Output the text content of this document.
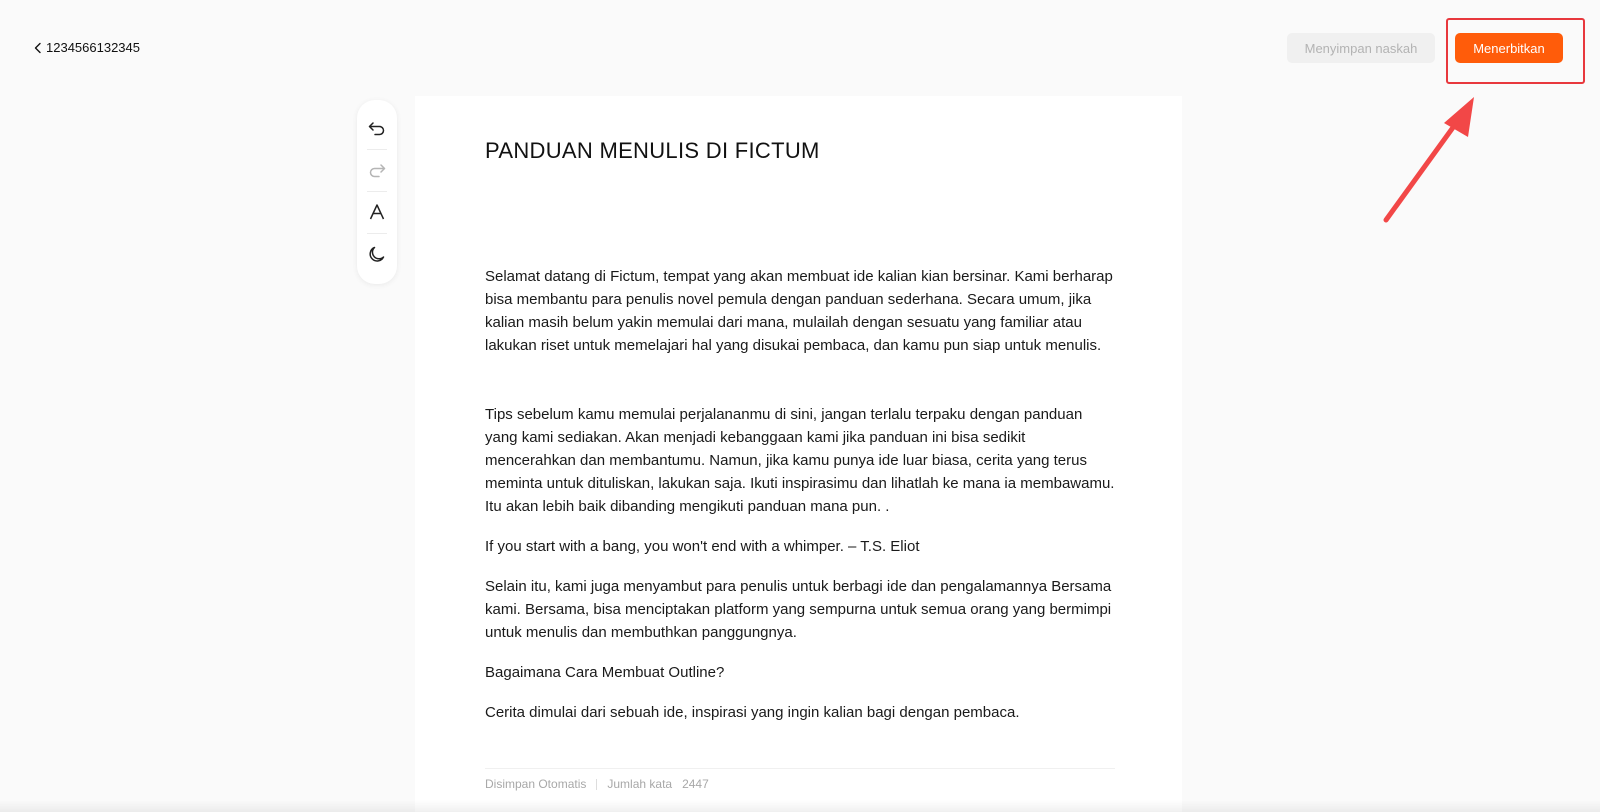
1234566132345	Menyimpan naskah	Menerbitkan
PANDUAN MENULIS DI FICTUM

Selamat datang di Fictum, tempat yang akan membuat ide kalian kian bersinar. Kami berharap bisa membantu para penulis novel pemula dengan panduan sederhana. Secara umum, jika kalian masih belum yakin memulai dari mana, mulailah dengan sesuatu yang familiar atau lakukan riset untuk memelajari hal yang disukai pembaca, dan kamu pun siap untuk menulis.

Tips sebelum kamu memulai perjalananmu di sini, jangan terlalu terpaku dengan panduan yang kami sediakan. Akan menjadi kebanggaan kami jika panduan ini bisa sedikit mencerahkan dan membantumu. Namun, jika kamu punya ide luar biasa, cerita yang terus meminta untuk dituliskan, lakukan saja. Ikuti inspirasimu dan lihatlah ke mana ia membawamu. Itu akan lebih baik dibanding mengikuti panduan mana pun. .

If you start with a bang, you won't end with a whimper. – T.S. Eliot

Selain itu, kami juga menyambut para penulis untuk berbagi ide dan pengalamannya Bersama kami. Bersama, bisa menciptakan platform yang sempurna untuk semua orang yang bermimpi untuk menulis dan membuthkan panggungnya.

Bagaimana Cara Membuat Outline?

Cerita dimulai dari sebuah ide, inspirasi yang ingin kalian bagi dengan pembaca.

Disimpan Otomatis Jumlah kata 2447
